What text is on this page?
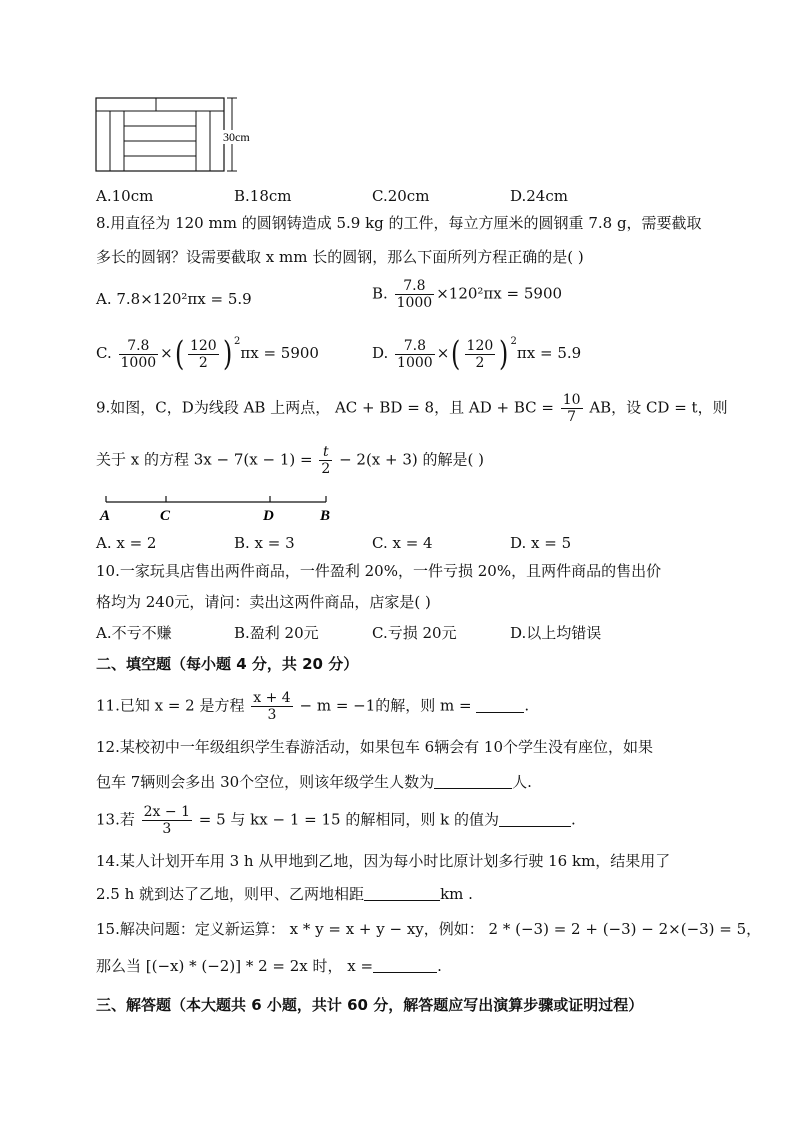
30cm
A.10cm	B.18cm	C.20cm	D.24cm
8.用直径为 120 mm 的圆钢铸造成 5.9 kg 的工件，每立方厘米的圆钢重 7.8 g，需要截取
多长的圆钢？设需要截取 x mm 长的圆钢，那么下面所列方程正确的是( )
A. 7.8×120²πx = 5.9	B. $\frac{7.8}{1000} \times 120^2\pi x = 5900$
C. $\frac{7.8}{1000}$ ×( $\frac{120}{2}$ ) $^2$πx = 5900	D. $\frac{7.8}{1000}$ ×( $\frac{120}{2}$ ) $^2$πx = 5.9
9.如图，C，D为线段 AB 上两点， AC + BD = 8，且 AD + BC = $\frac{10}{7}$ AB，设 CD = t，则
关于 x 的方程 $3x - 7(x - 1) = \frac{t}{2} - 2(x + 3)$ 的解是( )
A	C	D	B
A. x = 2	B. x = 3	C. x = 4	D. x = 5
10.一家玩具店售出两件商品，一件盈利 20%，一件亏损 20%，且两件商品的售出价
格均为 240元，请问：卖出这两件商品，店家是( )
A.不亏不赚	B.盈利 20元	C.亏损 20元	D.以上均错误
二、填空题（每小题 4 分，共 20 分）
11.已知 x = 2 是方程 $\frac{x + 4}{3} - m = -1$的解，则 m =	.
12.某校初中一年级组织学生春游活动，如果包车 6辆会有 10个学生没有座位，如果
包车 7辆则会多出 30个空位，则该年级学生人数为	人.
13.若 $\frac{2x - 1}{3} = 5$ 与 kx − 1 = 15 的解相同，则 k 的值为	.
14.某人计划开车用 3 h 从甲地到乙地，因为每小时比原计划多行驶 16 km，结果用了
2.5 h 就到达了乙地，则甲、乙两地相距	km .
15.解决问题：定义新运算： x * y = x + y − xy，例如： 2 * (−3) = 2 + (−3) − 2×(−3) = 5，
那么当 [(−x) * (−2)] * 2 = 2x 时， x =	.
三、解答题（本大题共 6 小题，共计 60 分，解答题应写出演算步骤或证明过程）
